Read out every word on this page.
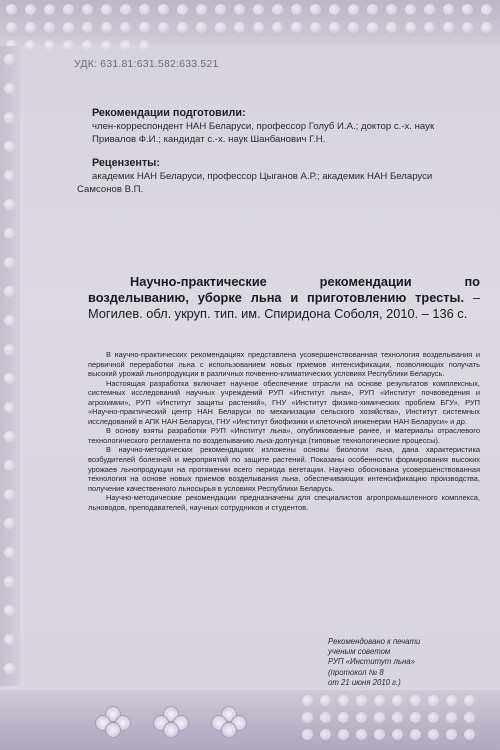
УДК: 631.81:631.582:633.521
Рекомендации подготовили:
член-корреспондент НАН Беларуси, профессор Голуб И.А.; доктор с.-х. наук Привалов Ф.И.; кандидат с.-х. наук Шанбанович Г.Н.
Рецензенты:
академик НАН Беларуси, профессор Цыганов А.Р.; академик НАН Беларуси Самсонов В.П.
Научно-практические рекомендации по возделыванию, уборке льна и приготовлению тресты. – Могилев. обл. укруп. тип. им. Спиридона Соболя, 2010. – 136 с.

В научно-практических рекомендациях представлена усовершенствованная технология возделывания и первичной переработки льна с использованием новых приемов интенсификации, позволяющих получать высокий урожай льнопродукции в различных почвенно-климатических условиях Республики Беларусь.

Настоящая разработка включает научное обеспечение отрасли на основе результатов комплексных, системных исследований научных учреждений РУП «Институт льна», РУП «Институт почвоведения и агрохимии», РУП «Институт защиты растений», ГНУ «Институт физико-химических проблем БГУ», РУП «Научно-практический центр НАН Беларуси по механизации сельского хозяйства», Институт системных исследований в АПК НАН Беларуси, ГНУ «Институт биофизики и клеточной инженерии НАН Беларуси» и др.

В основу взяты разработки РУП «Институт льна», опубликованные ранее, и материалы отраслевого технологического регламента по возделыванию льна-долгунца (типовые технологические процессы).

В научно-методических рекомендациях изложены основы биологии льна, дана характеристика возбудителей болезней и мероприятий по защите растений. Показаны особенности формирования высоких урожаев льнопродукции на протяжении всего периода вегетации. Научно обоснована усовершенствованная технология на основе новых приемов возделывания льна, обеспечивающих интенсификацию производства, получение качественного льносырья в условиях Республики Беларусь.

Научно-методические рекомендации предназначены для специалистов агропромышленного комплекса, льноводов, преподавателей, научных сотрудников и студентов.

Рекомендовано к печати
ученым советом
РУП «Институт льна»
(протокол № 8
от 21 июня 2010 г.)
